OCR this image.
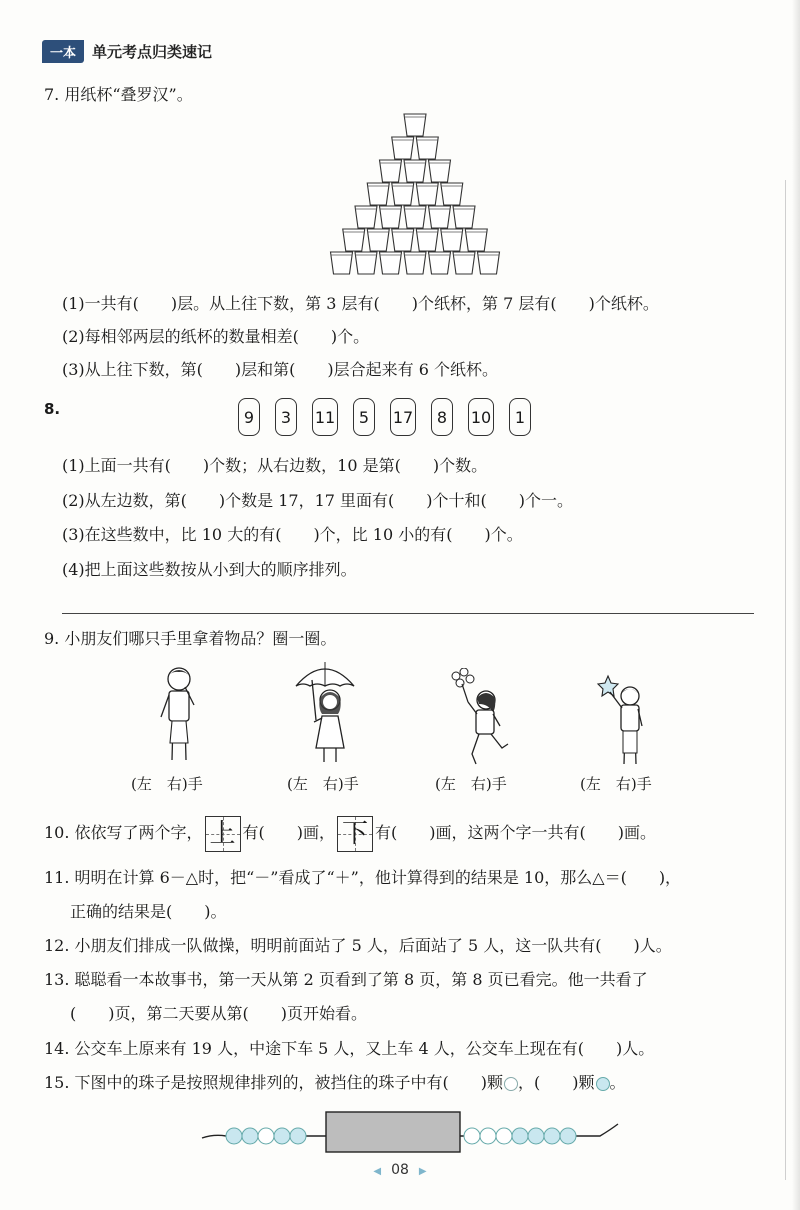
一本	单元考点归类速记
7. 用纸杯“叠罗汉”。
(1)一共有(　　)层。从上往下数，第 3 层有(　　)个纸杯，第 7 层有(　　)个纸杯。
(2)每相邻两层的纸杯的数量相差(　　)个。
(3)从上往下数，第(　　)层和第(　　)层合起来有 6 个纸杯。
8.	9	3	11	5	17	8	10	1
(1)上面一共有(　　)个数；从右边数，10 是第(　　)个数。
(2)从左边数，第(　　)个数是 17，17 里面有(　　)个十和(　　)个一。
(3)在这些数中，比 10 大的有(　　)个，比 10 小的有(　　)个。
(4)把上面这些数按从小到大的顺序排列。
9. 小朋友们哪只手里拿着物品？圈一圈。
(左　右)手	(左　右)手	(左　右)手	(左　右)手
10. 依依写了两个字， 上 有(　　)画， 下 有(　　)画，这两个字一共有(　　)画。
11. 明明在计算 6－△时，把“－”看成了“＋”，他计算得到的结果是 10，那么△＝(　　)，
正确的结果是(　　)。
12. 小朋友们排成一队做操，明明前面站了 5 人，后面站了 5 人，这一队共有(　　)人。
13. 聪聪看一本故事书，第一天从第 2 页看到了第 8 页，第 8 页已看完。他一共看了
(　　)页，第二天要从第(　　)页开始看。
14. 公交车上原来有 19 人，中途下车 5 人，又上车 4 人，公交车上现在有(　　)人。
15. 下图中的珠子是按照规律排列的，被挡住的珠子中有(　　)颗 ，(　　)颗 。
◀ 08 ▶
